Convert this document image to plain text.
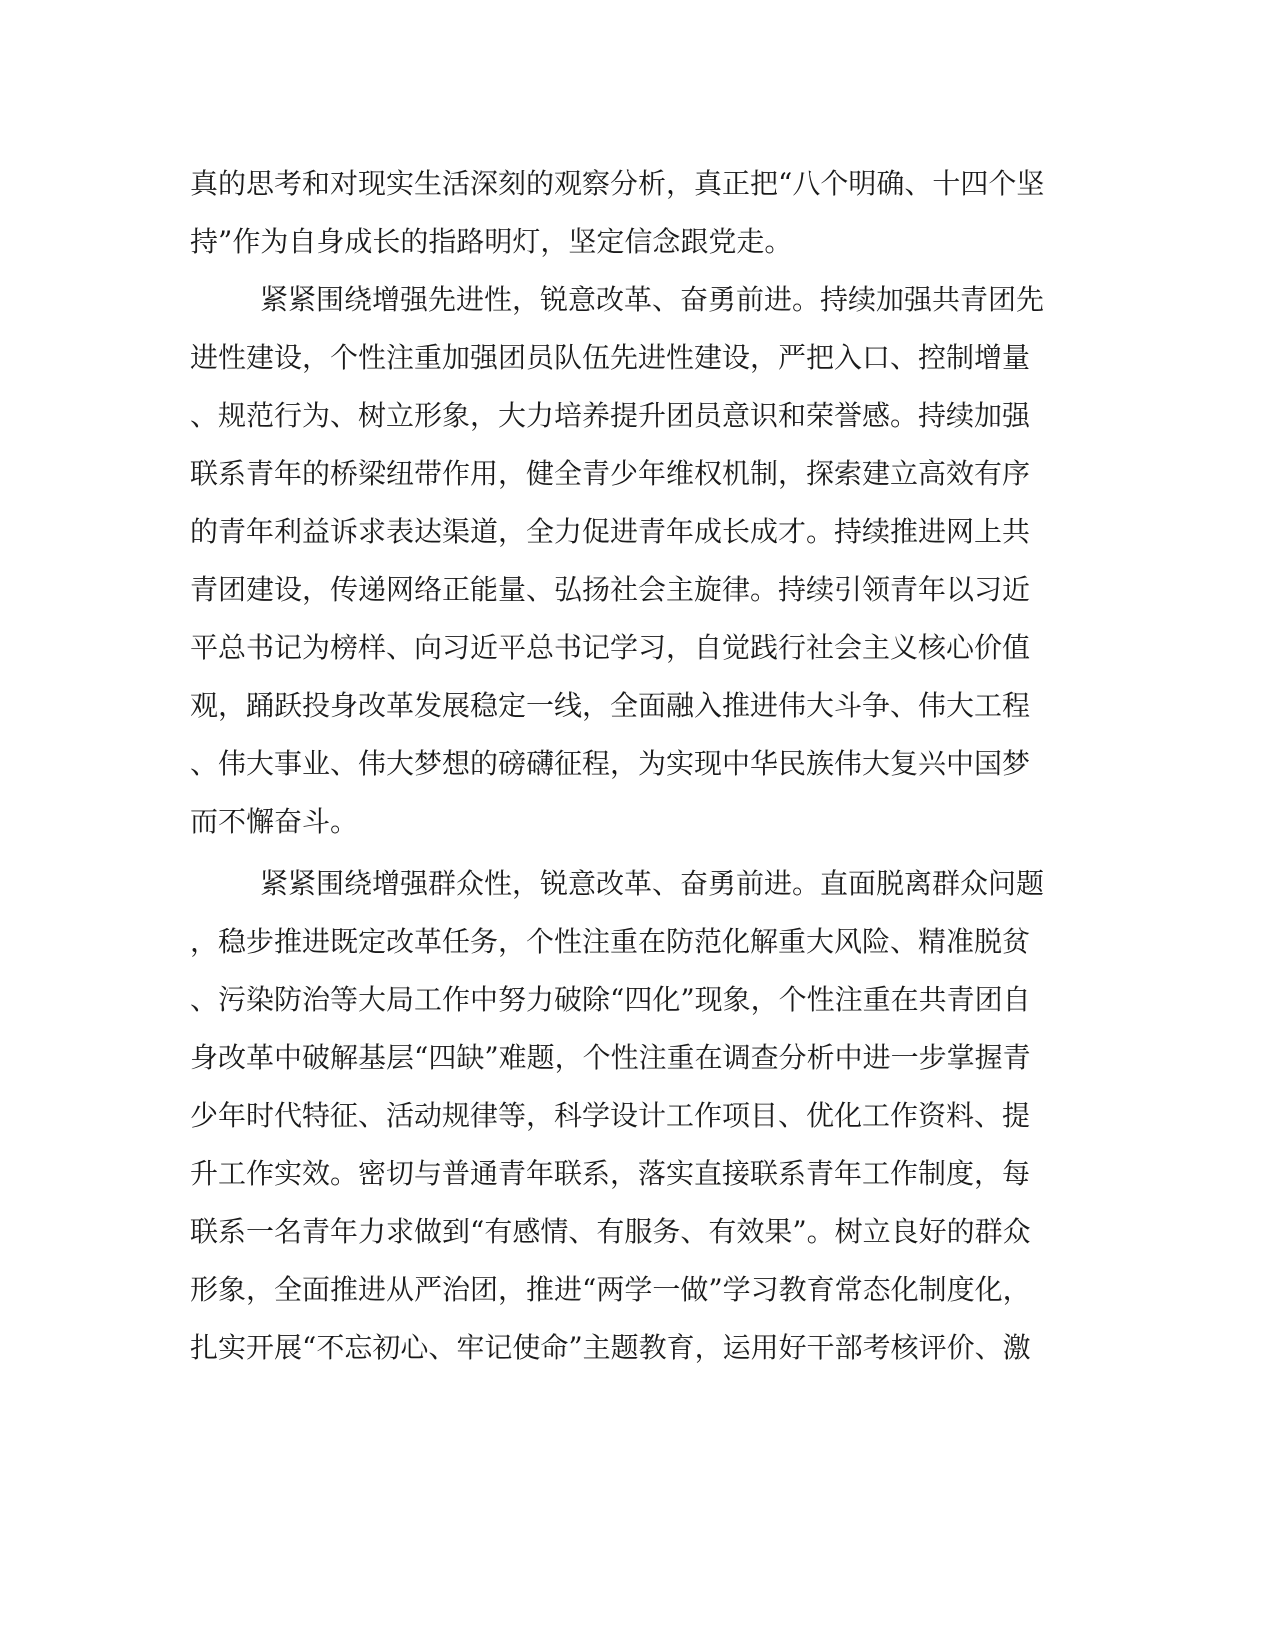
真的思考和对现实生活深刻的观察分析，真正把“八个明确、十四个坚
持”作为自身成长的指路明灯，坚定信念跟党走。
紧紧围绕增强先进性，锐意改革、奋勇前进。持续加强共青团先
进性建设，个性注重加强团员队伍先进性建设，严把入口、控制增量
、规范行为、树立形象，大力培养提升团员意识和荣誉感。持续加强
联系青年的桥梁纽带作用，健全青少年维权机制，探索建立高效有序
的青年利益诉求表达渠道，全力促进青年成长成才。持续推进网上共
青团建设，传递网络正能量、弘扬社会主旋律。持续引领青年以习近
平总书记为榜样、向习近平总书记学习，自觉践行社会主义核心价值
观，踊跃投身改革发展稳定一线，全面融入推进伟大斗争、伟大工程
、伟大事业、伟大梦想的磅礴征程，为实现中华民族伟大复兴中国梦
而不懈奋斗。
紧紧围绕增强群众性，锐意改革、奋勇前进。直面脱离群众问题
，稳步推进既定改革任务，个性注重在防范化解重大风险、精准脱贫
、污染防治等大局工作中努力破除“四化”现象，个性注重在共青团自
身改革中破解基层“四缺”难题，个性注重在调查分析中进一步掌握青
少年时代特征、活动规律等，科学设计工作项目、优化工作资料、提
升工作实效。密切与普通青年联系，落实直接联系青年工作制度，每
联系一名青年力求做到“有感情、有服务、有效果”。树立良好的群众
形象，全面推进从严治团，推进“两学一做”学习教育常态化制度化，
扎实开展“不忘初心、牢记使命”主题教育，运用好干部考核评价、激
